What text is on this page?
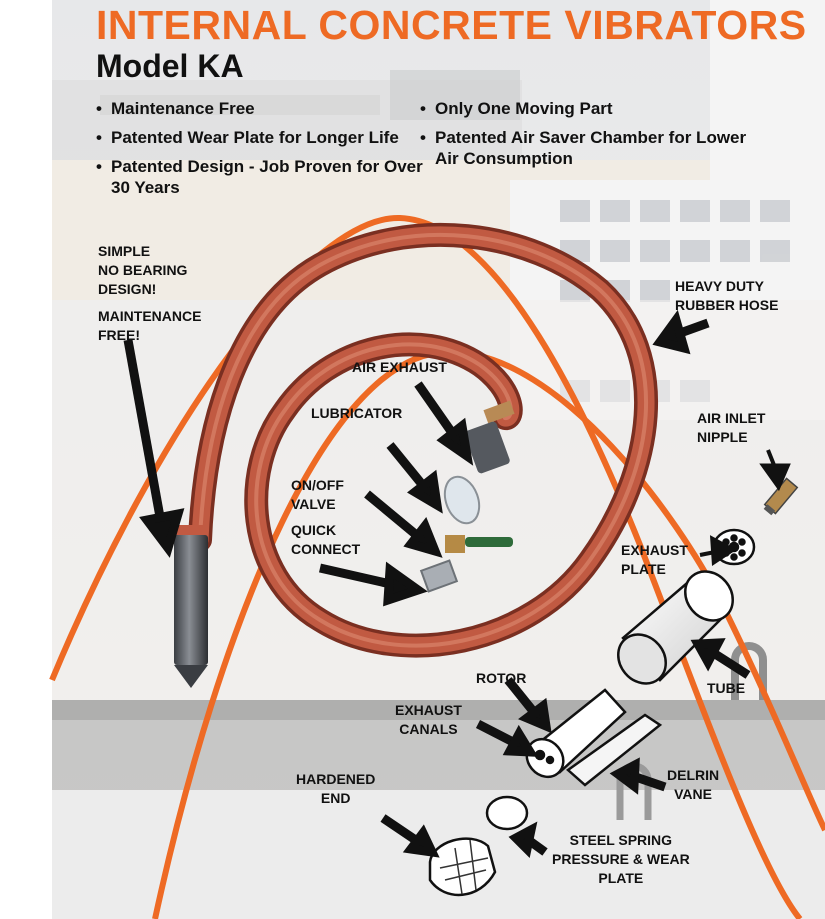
INTERNAL CONCRETE VIBRATORS
Model KA
• Maintenance Free
• Patented Wear Plate for Longer Life
• Patented Design - Job Proven for Over 30 Years
• Only One Moving Part
• Patented Air Saver Chamber for Lower Air Consumption
SIMPLE
NO BEARING
DESIGN!
MAINTENANCE
FREE!
AIR EXHAUST
LUBRICATOR
ON/OFF
VALVE
QUICK
CONNECT
HEAVY DUTY
RUBBER HOSE
AIR INLET
NIPPLE
EXHAUST
PLATE
TUBE
ROTOR
EXHAUST
CANALS
DELRIN
VANE
HARDENED
END
STEEL SPRING
PRESSURE & WEAR
PLATE
